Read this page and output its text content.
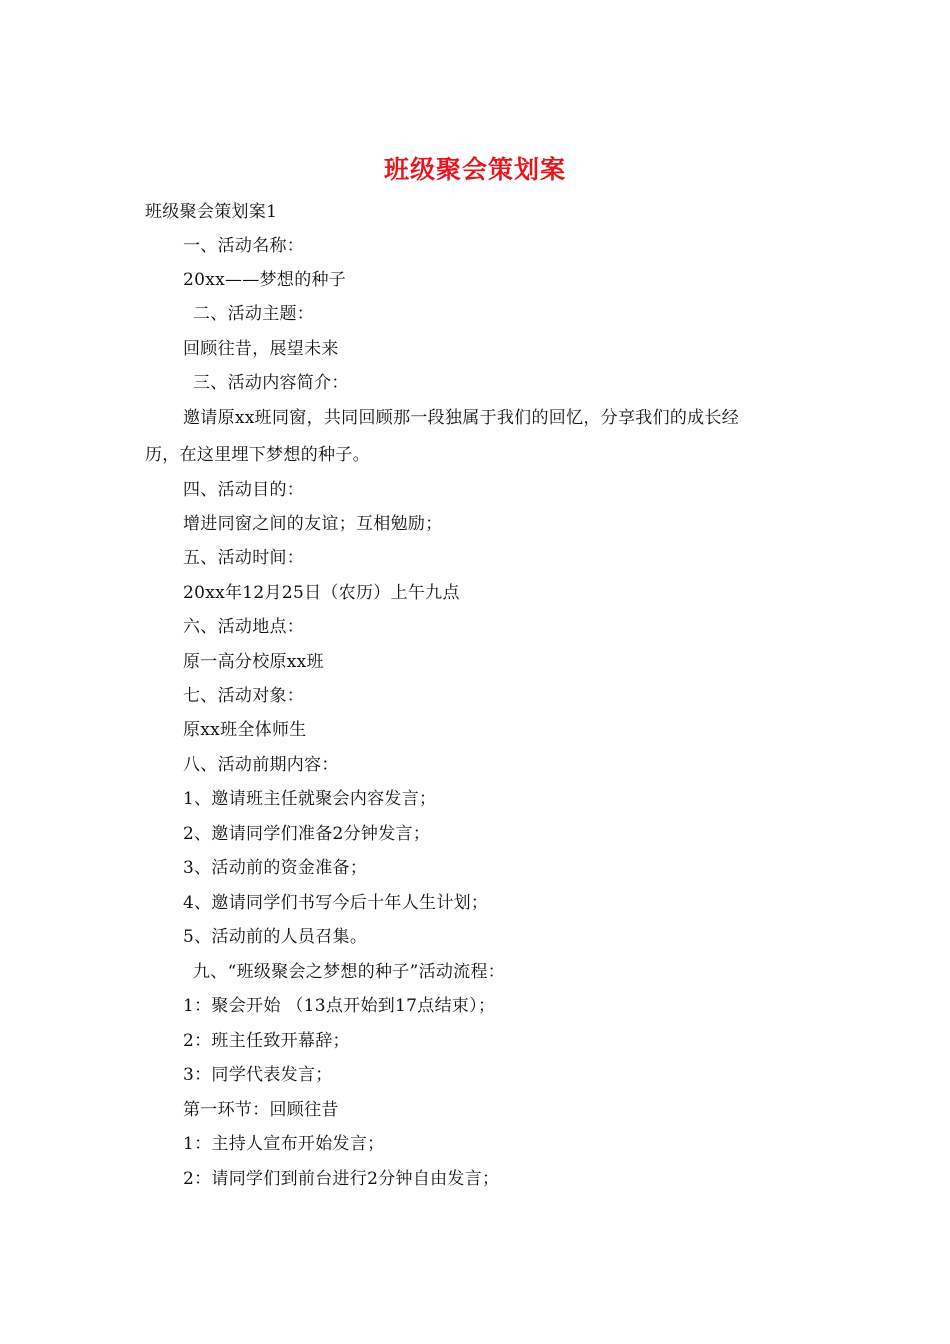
班级聚会策划案
班级聚会策划案1
一、活动名称：
20xx——梦想的种子
二、活动主题：
回顾往昔，展望未来
三、活动内容简介：
邀请原xx班同窗，共同回顾那一段独属于我们的回忆，分享我们的成长经
历，在这里埋下梦想的种子。
四、活动目的：
增进同窗之间的友谊；互相勉励；
五、活动时间：
20xx年12月25日（农历）上午九点
六、活动地点：
原一高分校原xx班
七、活动对象：
原xx班全体师生
八、活动前期内容：
1、邀请班主任就聚会内容发言；
2、邀请同学们准备2分钟发言；
3、活动前的资金准备；
4、邀请同学们书写今后十年人生计划；
5、活动前的人员召集。
九、“班级聚会之梦想的种子”活动流程：
1：聚会开始 （13点开始到17点结束）；
2：班主任致开幕辞；
3：同学代表发言；
第一环节：回顾往昔
1：主持人宣布开始发言；
2：请同学们到前台进行2分钟自由发言；
